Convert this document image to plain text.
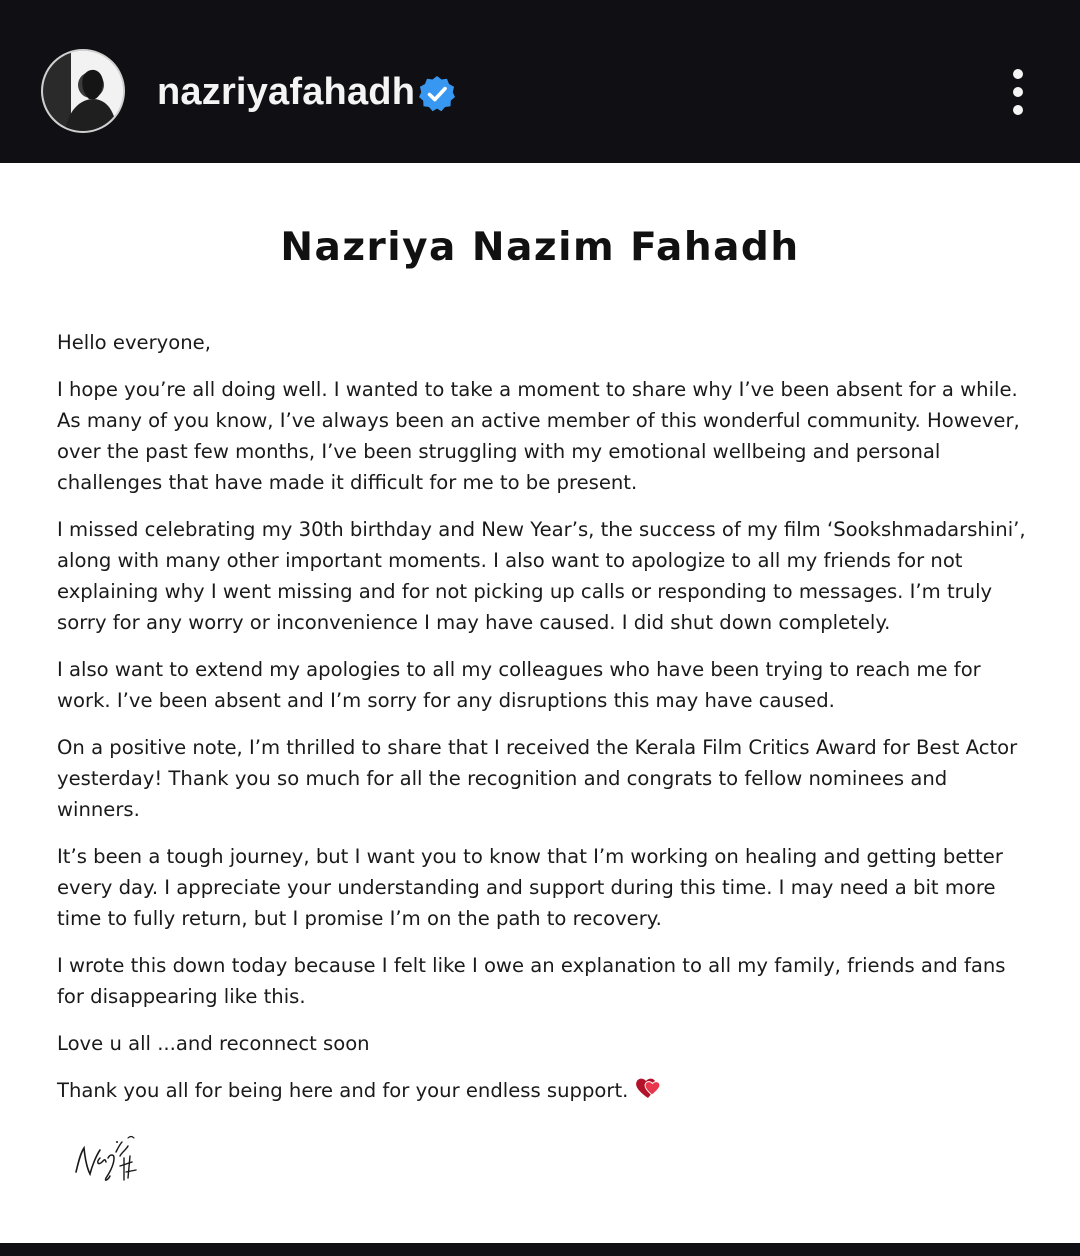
nazriyafahadh
Nazriya Nazim Fahadh

Hello everyone,

I hope you’re all doing well. I wanted to take a moment to share why I’ve been absent for a while. As many of you know, I’ve always been an active member of this wonderful community. However, over the past few months, I’ve been struggling with my emotional wellbeing and personal challenges that have made it difficult for me to be present.

I missed celebrating my 30th birthday and New Year’s, the success of my film ‘Sookshmadarshini’, along with many other important moments. I also want to apologize to all my friends for not explaining why I went missing and for not picking up calls or responding to messages. I’m truly sorry for any worry or inconvenience I may have caused. I did shut down completely.

I also want to extend my apologies to all my colleagues who have been trying to reach me for work. I’ve been absent and I’m sorry for any disruptions this may have caused.

On a positive note, I’m thrilled to share that I received the Kerala Film Critics Award for Best Actor yesterday! Thank you so much for all the recognition and congrats to fellow nominees and winners.

It’s been a tough journey, but I want you to know that I’m working on healing and getting better every day. I appreciate your understanding and support during this time. I may need a bit more time to fully return, but I promise I’m on the path to recovery.

I wrote this down today because I felt like I owe an explanation to all my family, friends and fans for disappearing like this.

Love u all ...and reconnect soon

Thank you all for being here and for your endless support.
